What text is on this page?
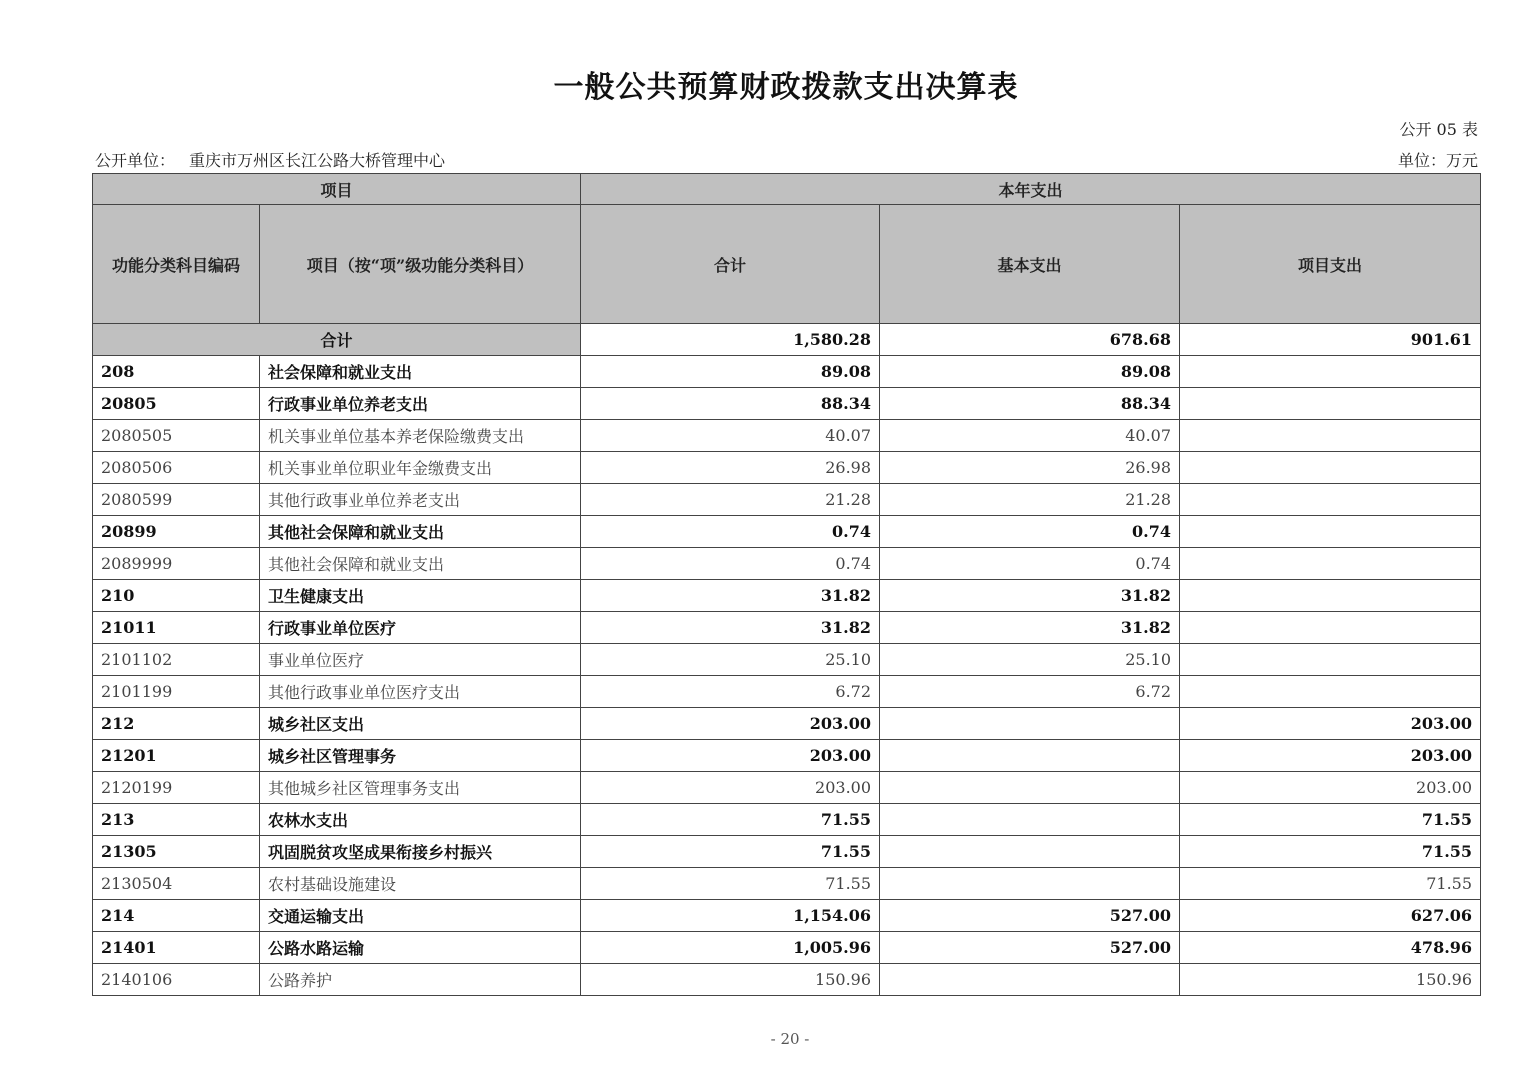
一般公共预算财政拨款支出决算表
公开 05 表
公开单位： 重庆市万州区长江公路大桥管理中心	单位：万元
项目		本年支出		
功能分类科目编码	项目（按“项”级功能分类科目）	合计	基本支出	项目支出
合计		1,580.28	678.68	901.61
208	社会保障和就业支出	89.08	89.08	
20805	行政事业单位养老支出	88.34	88.34	
2080505	机关事业单位基本养老保险缴费支出	40.07	40.07	
2080506	机关事业单位职业年金缴费支出	26.98	26.98	
2080599	其他行政事业单位养老支出	21.28	21.28	
20899	其他社会保障和就业支出	0.74	0.74	
2089999	其他社会保障和就业支出	0.74	0.74	
210	卫生健康支出	31.82	31.82	
21011	行政事业单位医疗	31.82	31.82	
2101102	事业单位医疗	25.10	25.10	
2101199	其他行政事业单位医疗支出	6.72	6.72	
212	城乡社区支出	203.00		203.00
21201	城乡社区管理事务	203.00		203.00
2120199	其他城乡社区管理事务支出	203.00		203.00
213	农林水支出	71.55		71.55
21305	巩固脱贫攻坚成果衔接乡村振兴	71.55		71.55
2130504	农村基础设施建设	71.55		71.55
214	交通运输支出	1,154.06	527.00	627.06
21401	公路水路运输	1,005.96	527.00	478.96
2140106	公路养护	150.96		150.96
- 20 -
